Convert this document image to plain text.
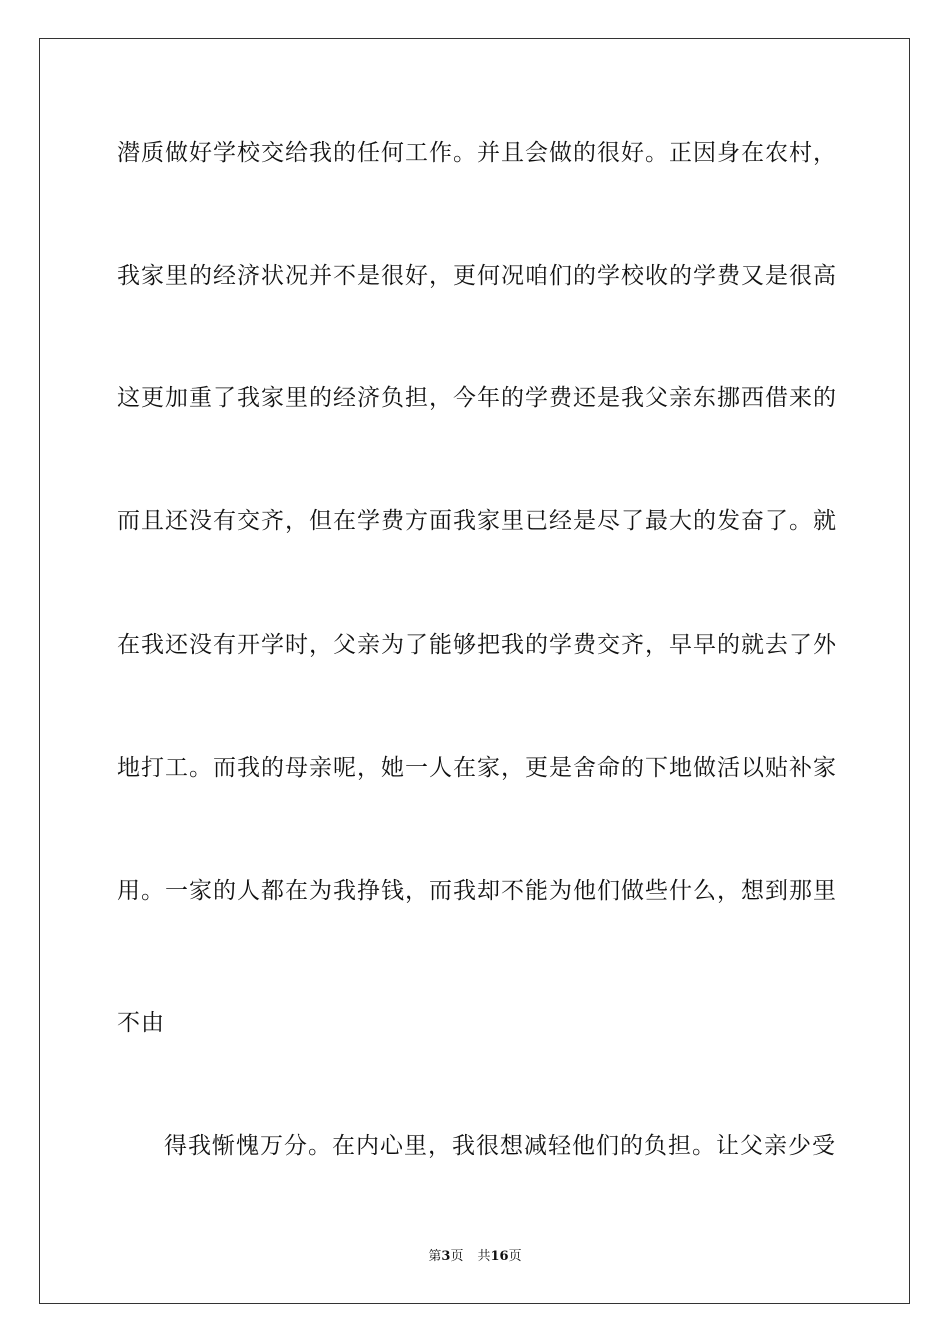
潜质做好学校交给我的任何工作。并且会做的很好。正因身在农村，
我家里的经济状况并不是很好，更何况咱们的学校收的学费又是很高
这更加重了我家里的经济负担，今年的学费还是我父亲东挪西借来的
而且还没有交齐，但在学费方面我家里已经是尽了最大的发奋了。就
在我还没有开学时，父亲为了能够把我的学费交齐，早早的就去了外
地打工。而我的母亲呢，她一人在家，更是舍命的下地做活以贴补家
用。一家的人都在为我挣钱，而我却不能为他们做些什么，想到那里
不由
得我惭愧万分。在内心里，我很想减轻他们的负担。让父亲少受
第3页 共16页
